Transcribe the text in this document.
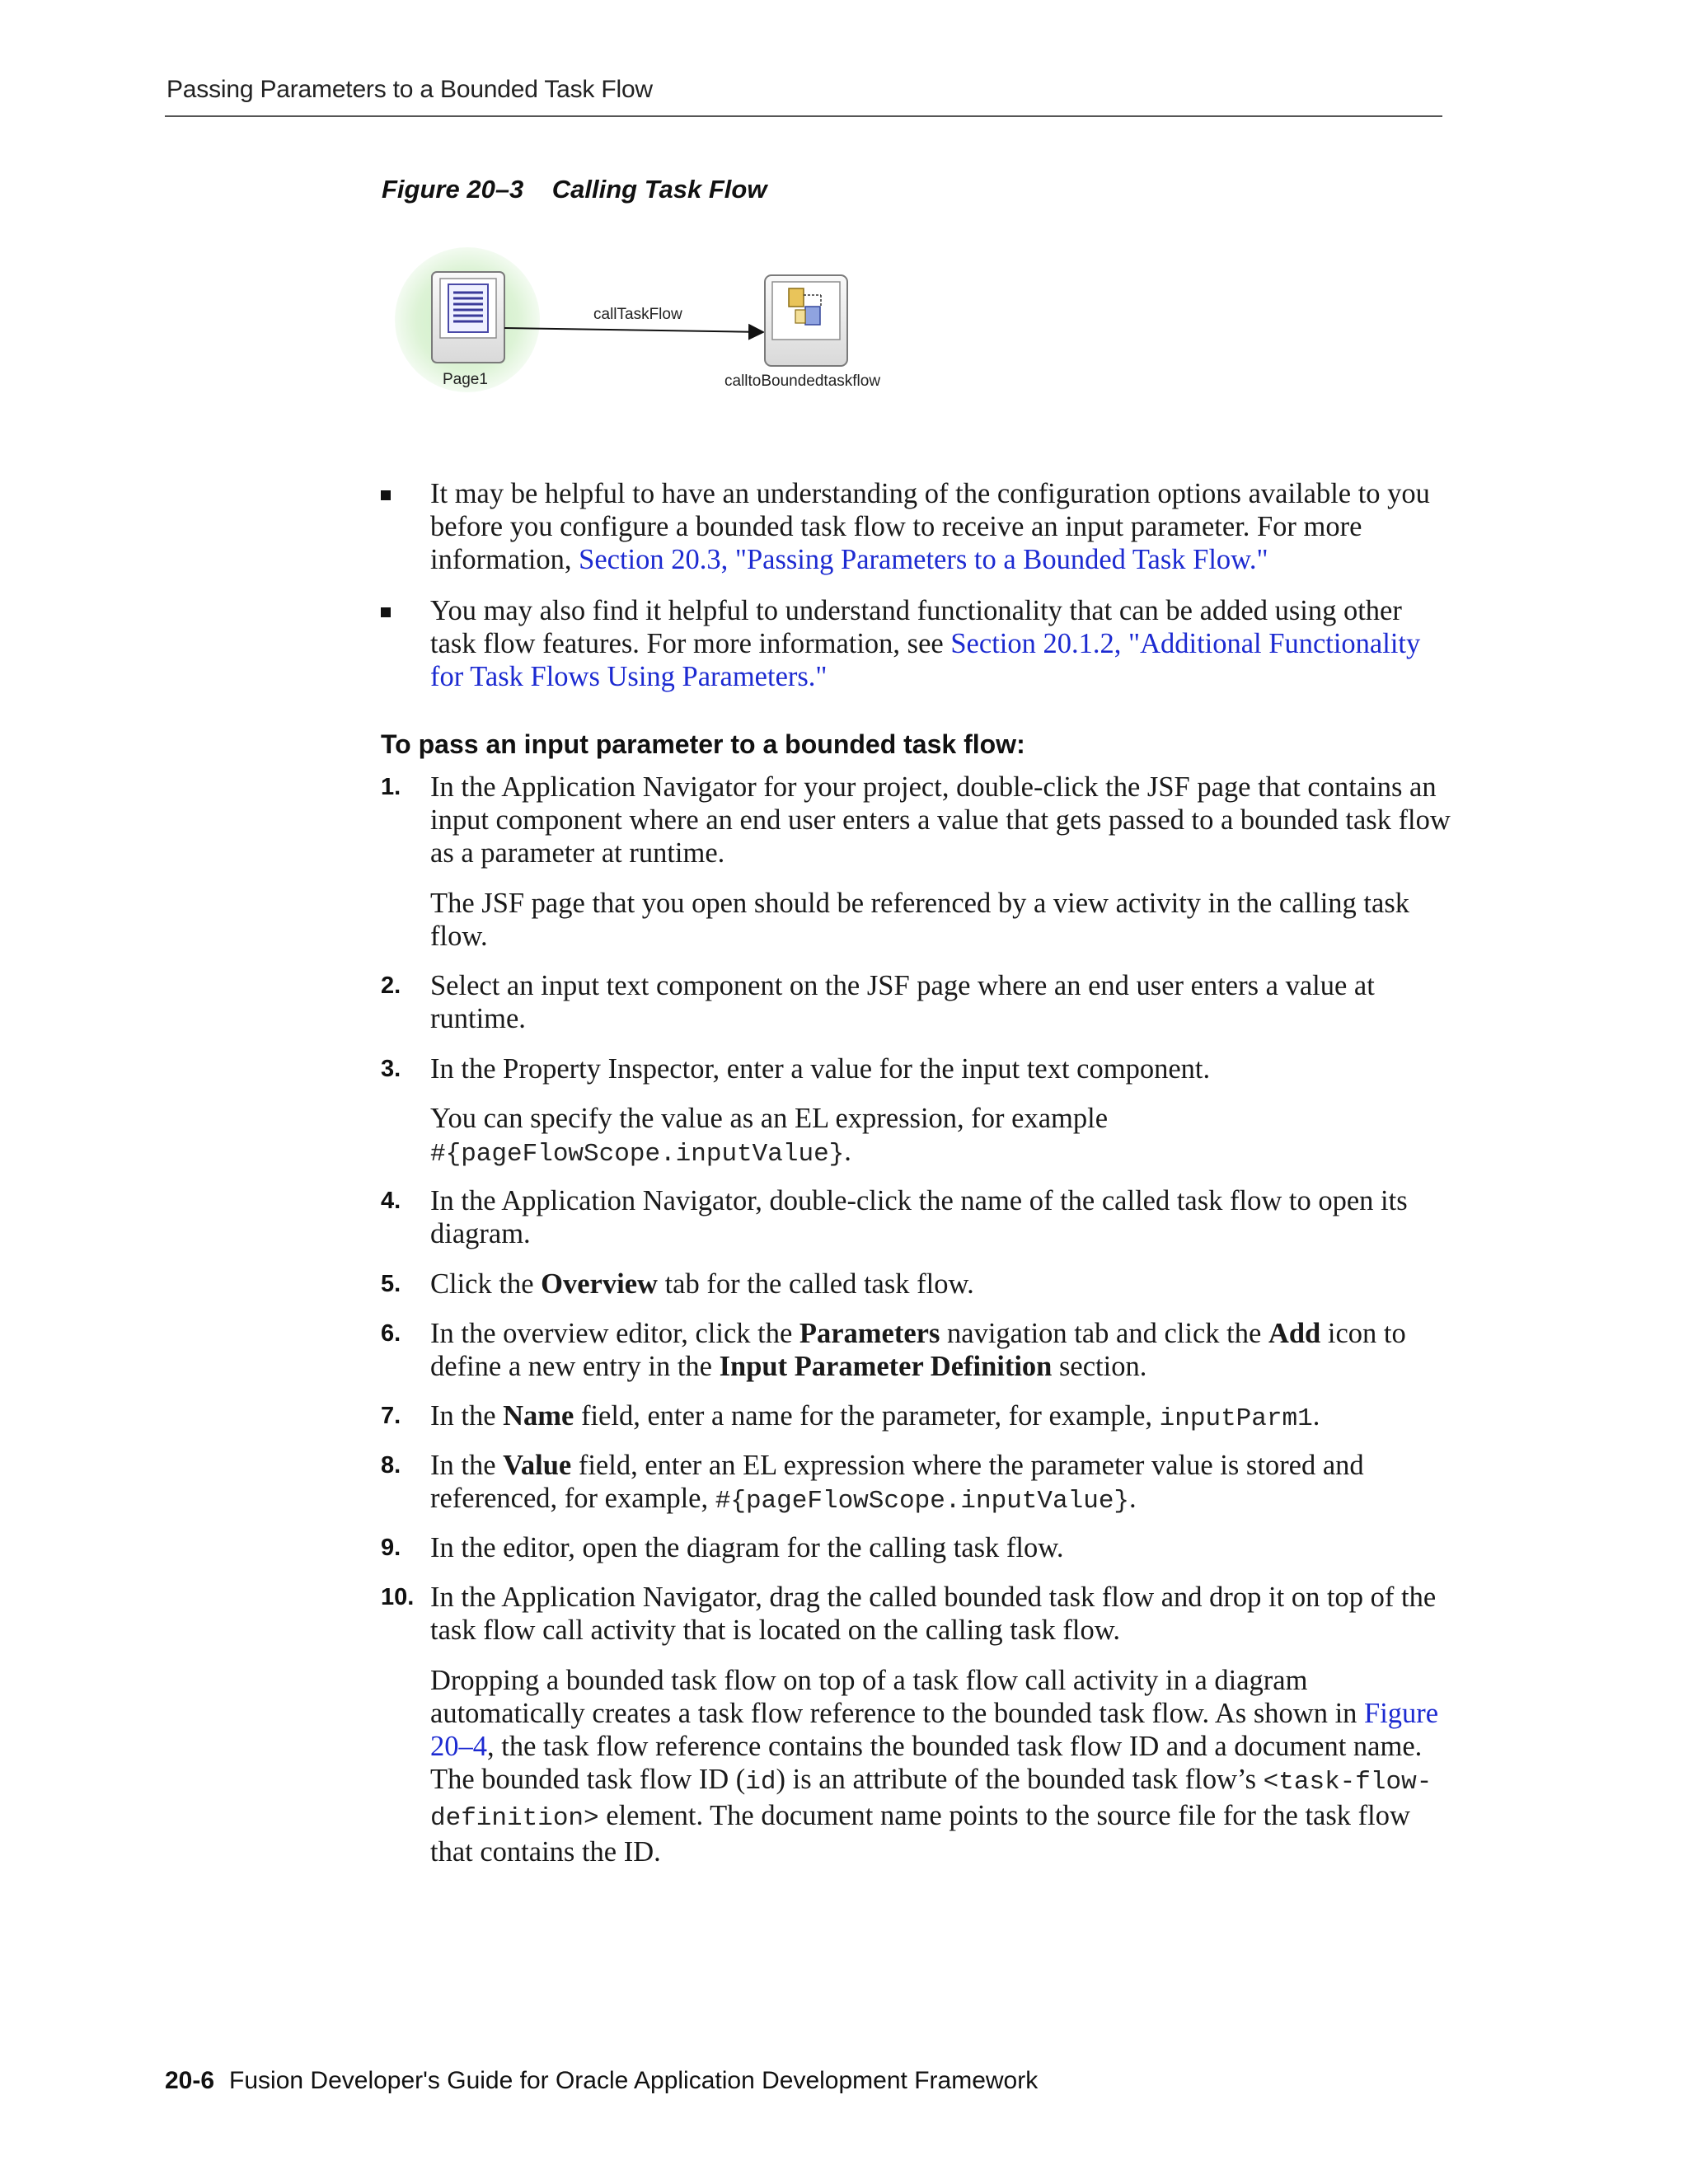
Passing Parameters to a Bounded Task Flow
Figure 20–3 Calling Task Flow
Page1
callTaskFlow
calltoBoundedtaskflow

It may be helpful to have an understanding of the configuration options available to you before you configure a bounded task flow to receive an input parameter. For more information, Section 20.3, "Passing Parameters to a Bounded Task Flow."

You may also find it helpful to understand functionality that can be added using other task flow features. For more information, see Section 20.1.2, "Additional Functionality for Task Flows Using Parameters."

To pass an input parameter to a bounded task flow:
1. In the Application Navigator for your project, double-click the JSF page that contains an input component where an end user enters a value that gets passed to a bounded task flow as a parameter at runtime.

The JSF page that you open should be referenced by a view activity in the calling task flow.

2. Select an input text component on the JSF page where an end user enters a value at runtime.

3. In the Property Inspector, enter a value for the input text component.

You can specify the value as an EL expression, for example
#{pageFlowScope.inputValue}.

4. In the Application Navigator, double-click the name of the called task flow to open its diagram.

5. Click the Overview tab for the called task flow.

6. In the overview editor, click the Parameters navigation tab and click the Add icon to define a new entry in the Input Parameter Definition section.

7. In the Name field, enter a name for the parameter, for example, inputParm1.

8. In the Value field, enter an EL expression where the parameter value is stored and referenced, for example, #{pageFlowScope.inputValue}.

9. In the editor, open the diagram for the calling task flow.

10. In the Application Navigator, drag the called bounded task flow and drop it on top of the task flow call activity that is located on the calling task flow.

Dropping a bounded task flow on top of a task flow call activity in a diagram automatically creates a task flow reference to the bounded task flow. As shown in Figure 20–4, the task flow reference contains the bounded task flow ID and a document name. The bounded task flow ID (id) is an attribute of the bounded task flow’s <task-flow-definition> element. The document name points to the source file for the task flow that contains the ID.

20-6 Fusion Developer's Guide for Oracle Application Development Framework
